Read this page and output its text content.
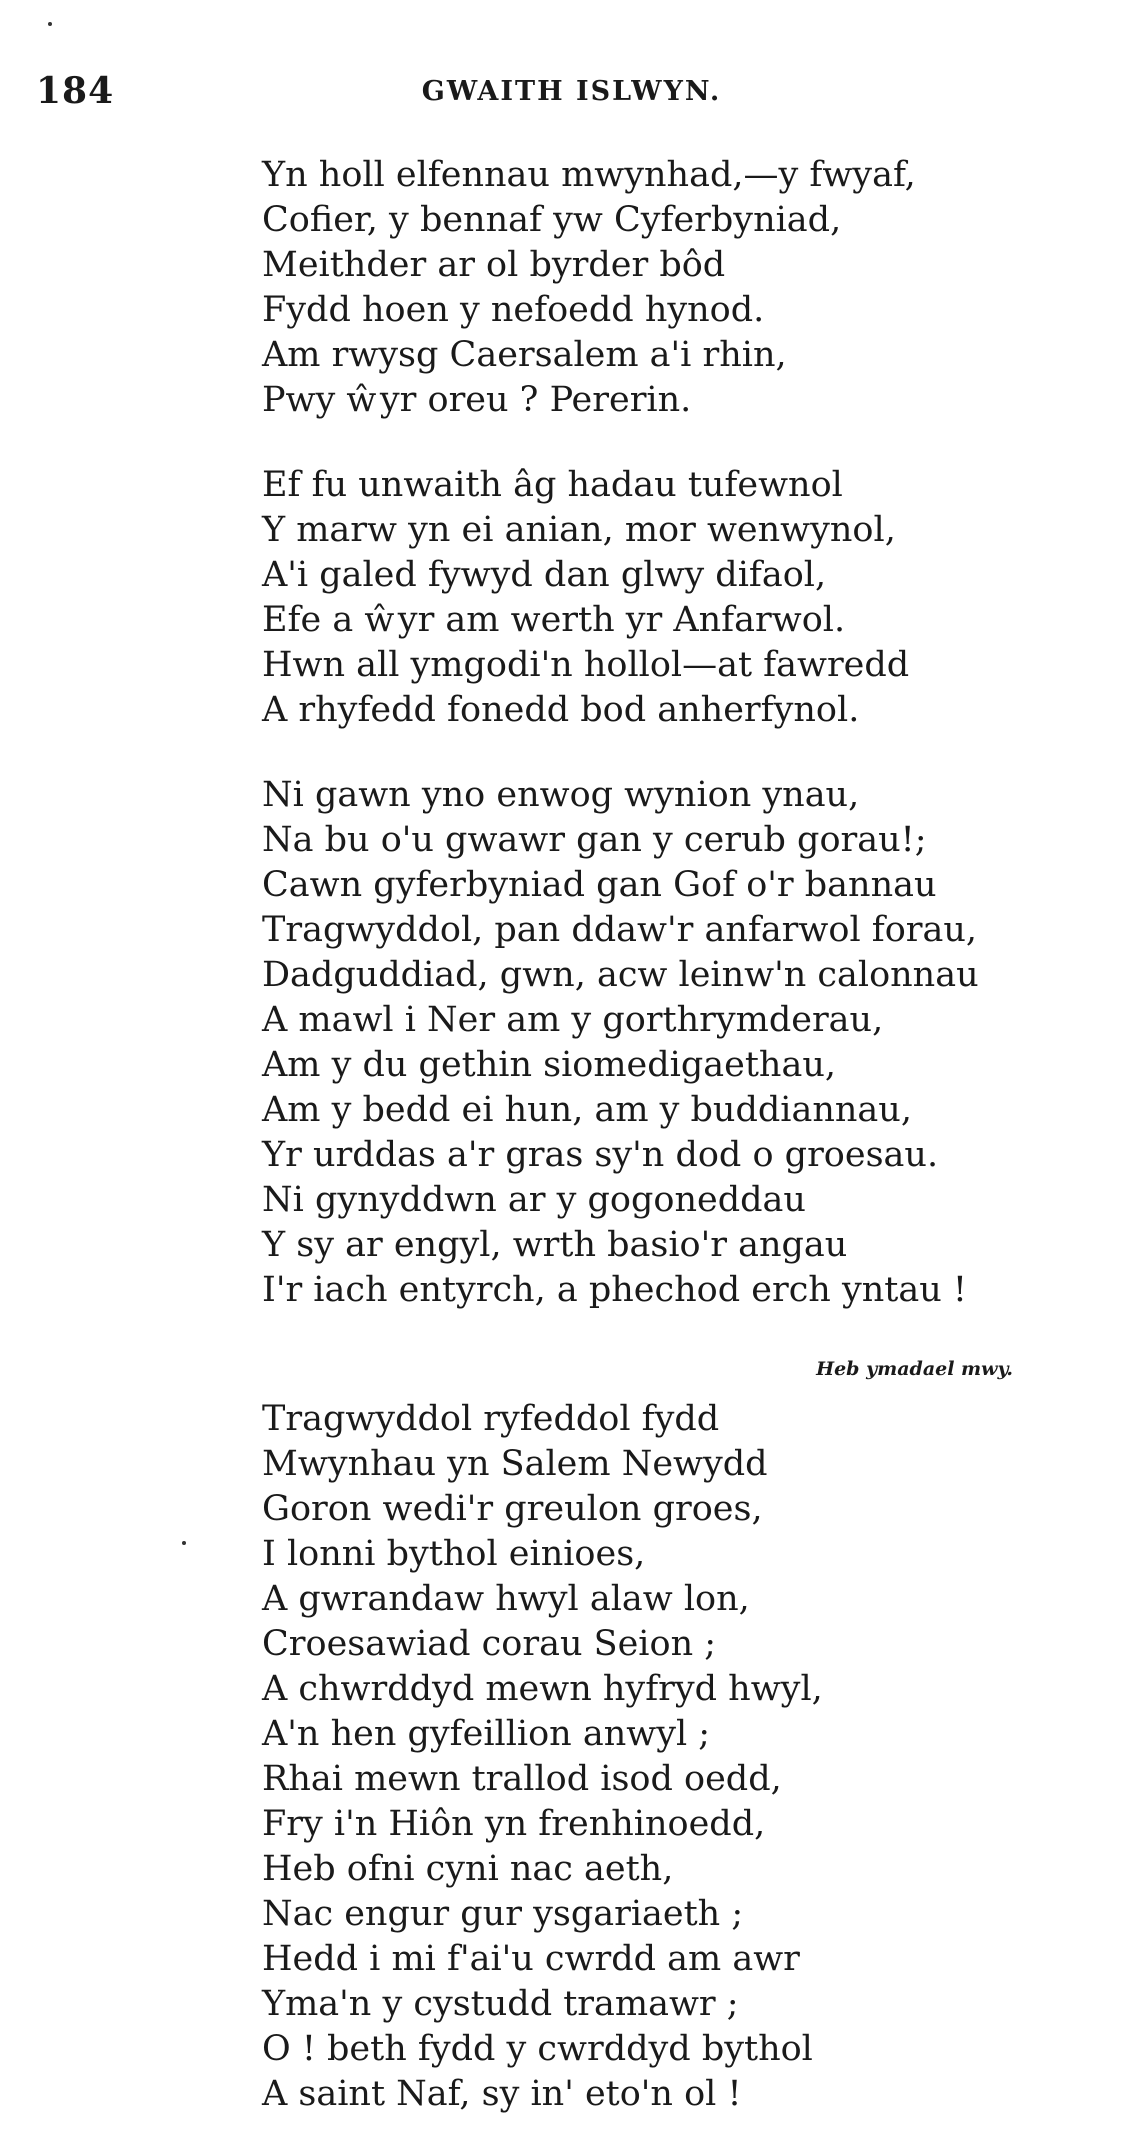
184	GWAITH ISLWYN.
Yn holl elfennau mwynhad,—y fwyaf,
Cofier, y bennaf yw Cyferbyniad,
Meithder ar ol byrder bôd
Fydd hoen y nefoedd hynod.
Am rwysg Caersalem a'i rhin,
Pwy ŵyr oreu ? Pererin.
Ef fu unwaith âg hadau tufewnol
Y marw yn ei anian, mor wenwynol,
A'i galed fywyd dan glwy difaol,
Efe a ŵyr am werth yr Anfarwol.
Hwn all ymgodi'n hollol—at fawredd
A rhyfedd fonedd bod anherfynol.
Ni gawn yno enwog wynion ynau,
Na bu o'u gwawr gan y cerub gorau!;
Cawn gyferbyniad gan Gof o'r bannau
Tragwyddol, pan ddaw'r anfarwol forau,
Dadguddiad, gwn, acw leinw'n calonnau
A mawl i Ner am y gorthrymderau,
Am y du gethin siomedigaethau,
Am y bedd ei hun, am y buddiannau,
Yr urddas a'r gras sy'n dod o groesau.
Ni gynyddwn ar y gogoneddau
Y sy ar engyl, wrth basio'r angau
I'r iach entyrch, a phechod erch yntau !
Heb ymadael mwy.
Tragwyddol ryfeddol fydd
Mwynhau yn Salem Newydd
Goron wedi'r greulon groes,
I lonni bythol einioes,
A gwrandaw hwyl alaw lon,
Croesawiad corau Seion ;
A chwrddyd mewn hyfryd hwyl,
A'n hen gyfeillion anwyl ;
Rhai mewn trallod isod oedd,
Fry i'n Hiôn yn frenhinoedd,
Heb ofni cyni nac aeth,
Nac engur gur ysgariaeth ;
Hedd i mi f'ai'u cwrdd am awr
Yma'n y cystudd tramawr ;
O ! beth fydd y cwrddyd bythol
A saint Naf, sy in' eto'n ol !
